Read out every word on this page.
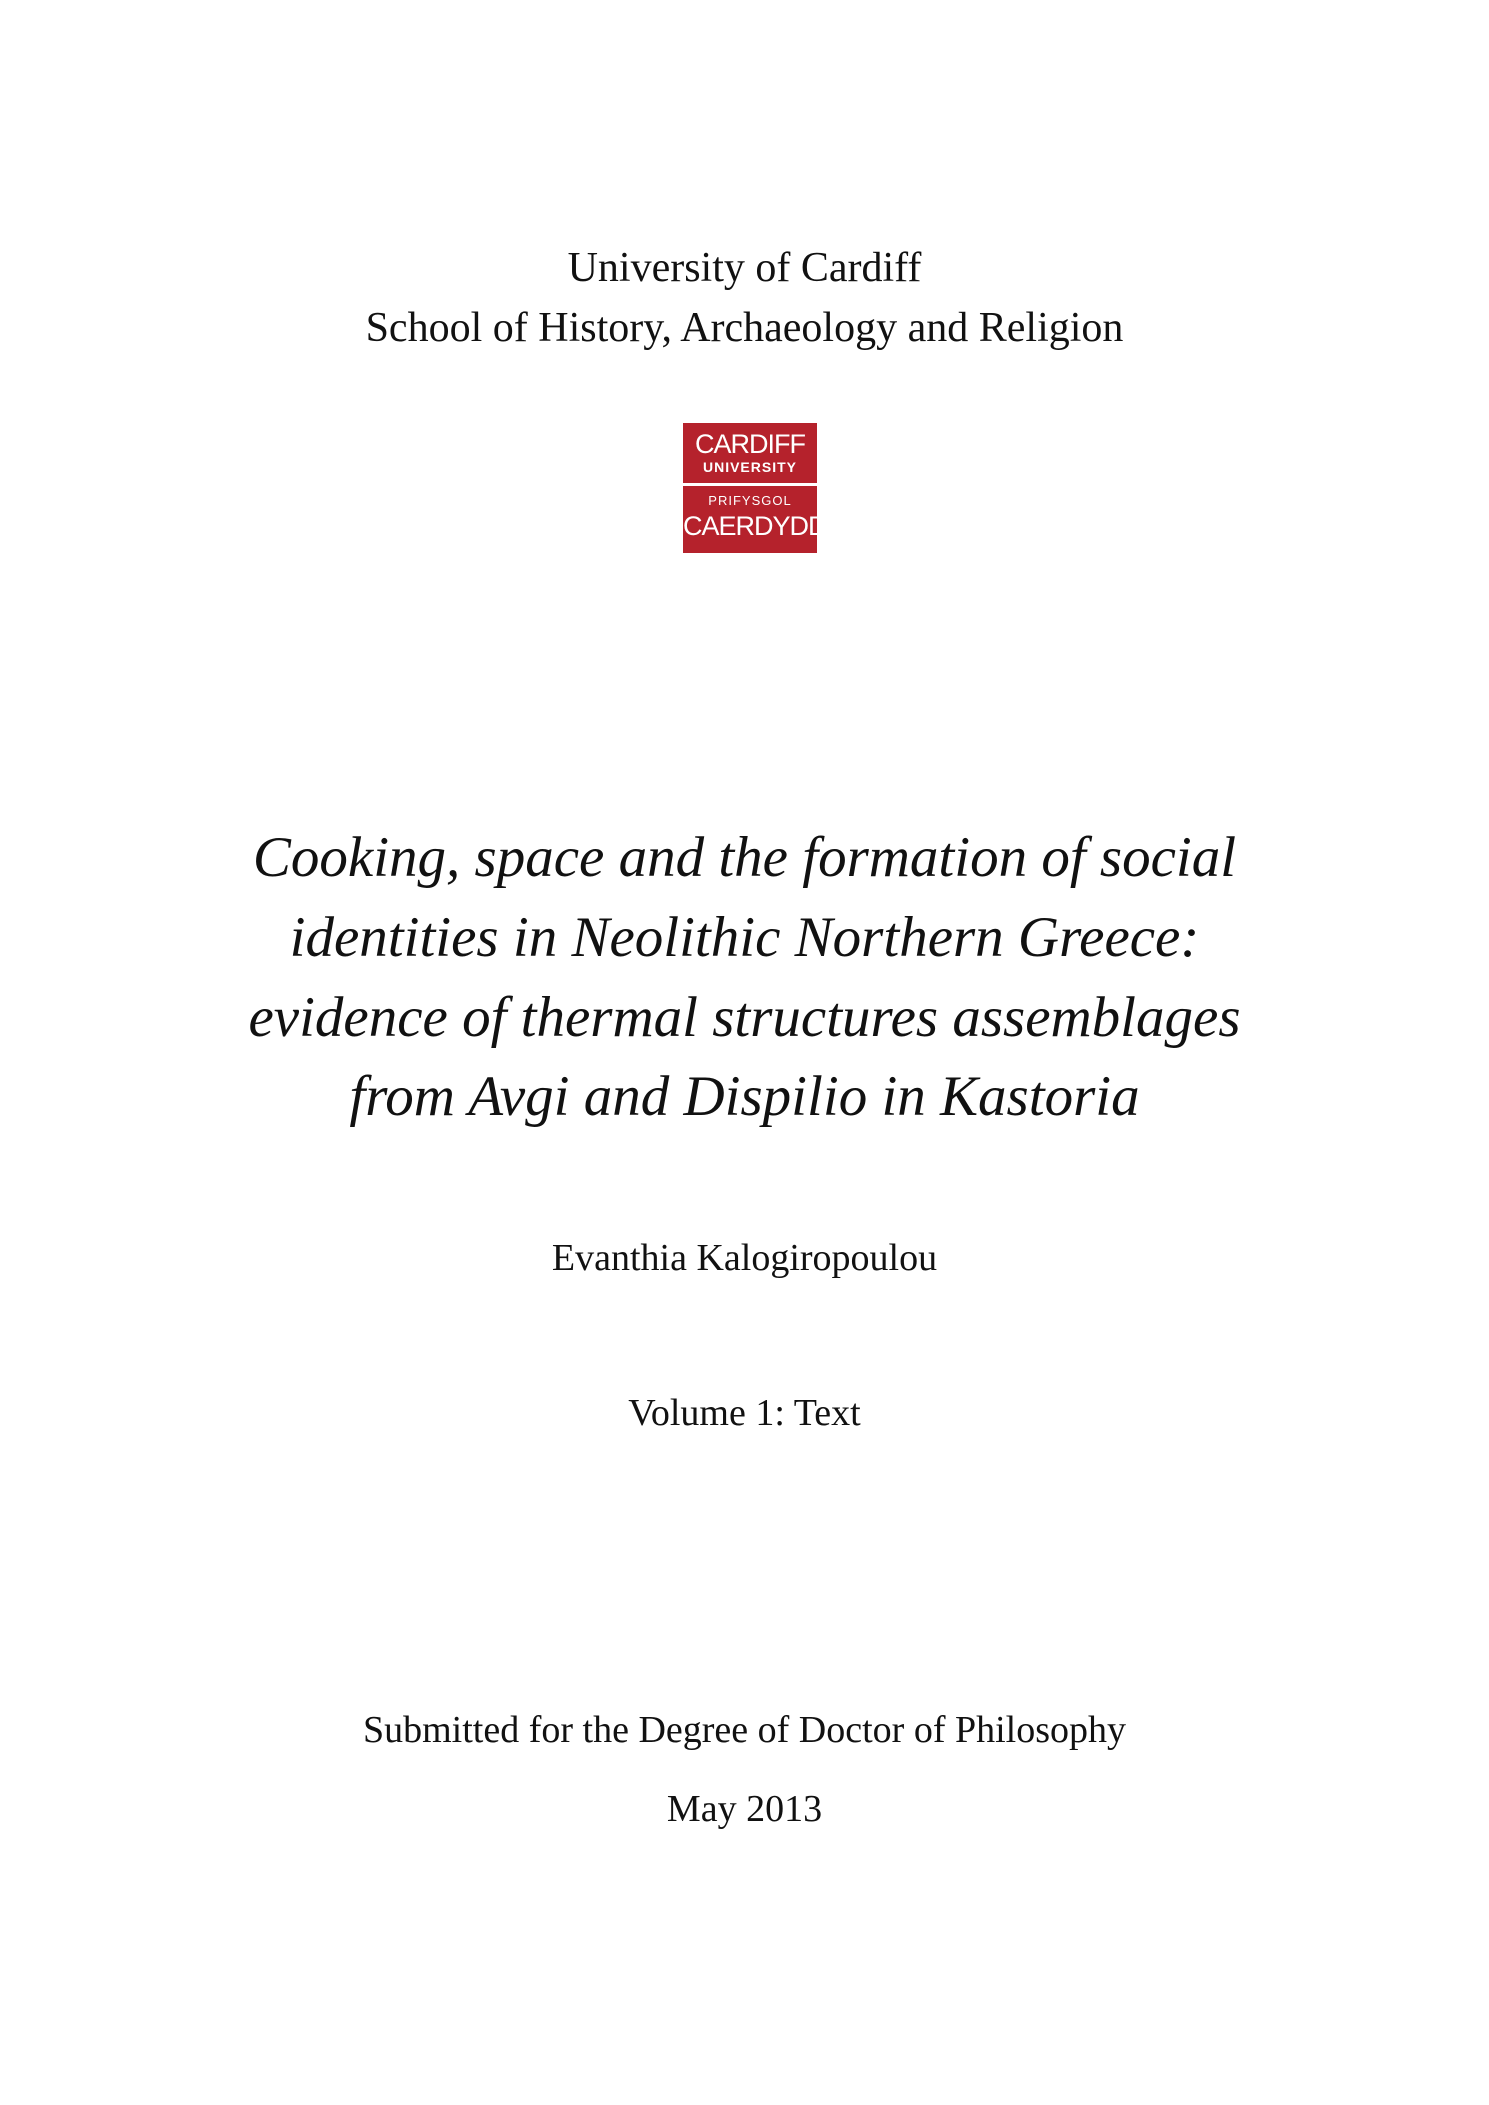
University of Cardiff
School of History, Archaeology and Religion
CARDIFF
UNIVERSITY
PRIFYSGOL
CAERDYDD
Cooking, space and the formation of social
identities in Neolithic Northern Greece:
evidence of thermal structures assemblages
from Avgi and Dispilio in Kastoria
Evanthia Kalogiropoulou
Volume 1: Text
Submitted for the Degree of Doctor of Philosophy
May 2013
